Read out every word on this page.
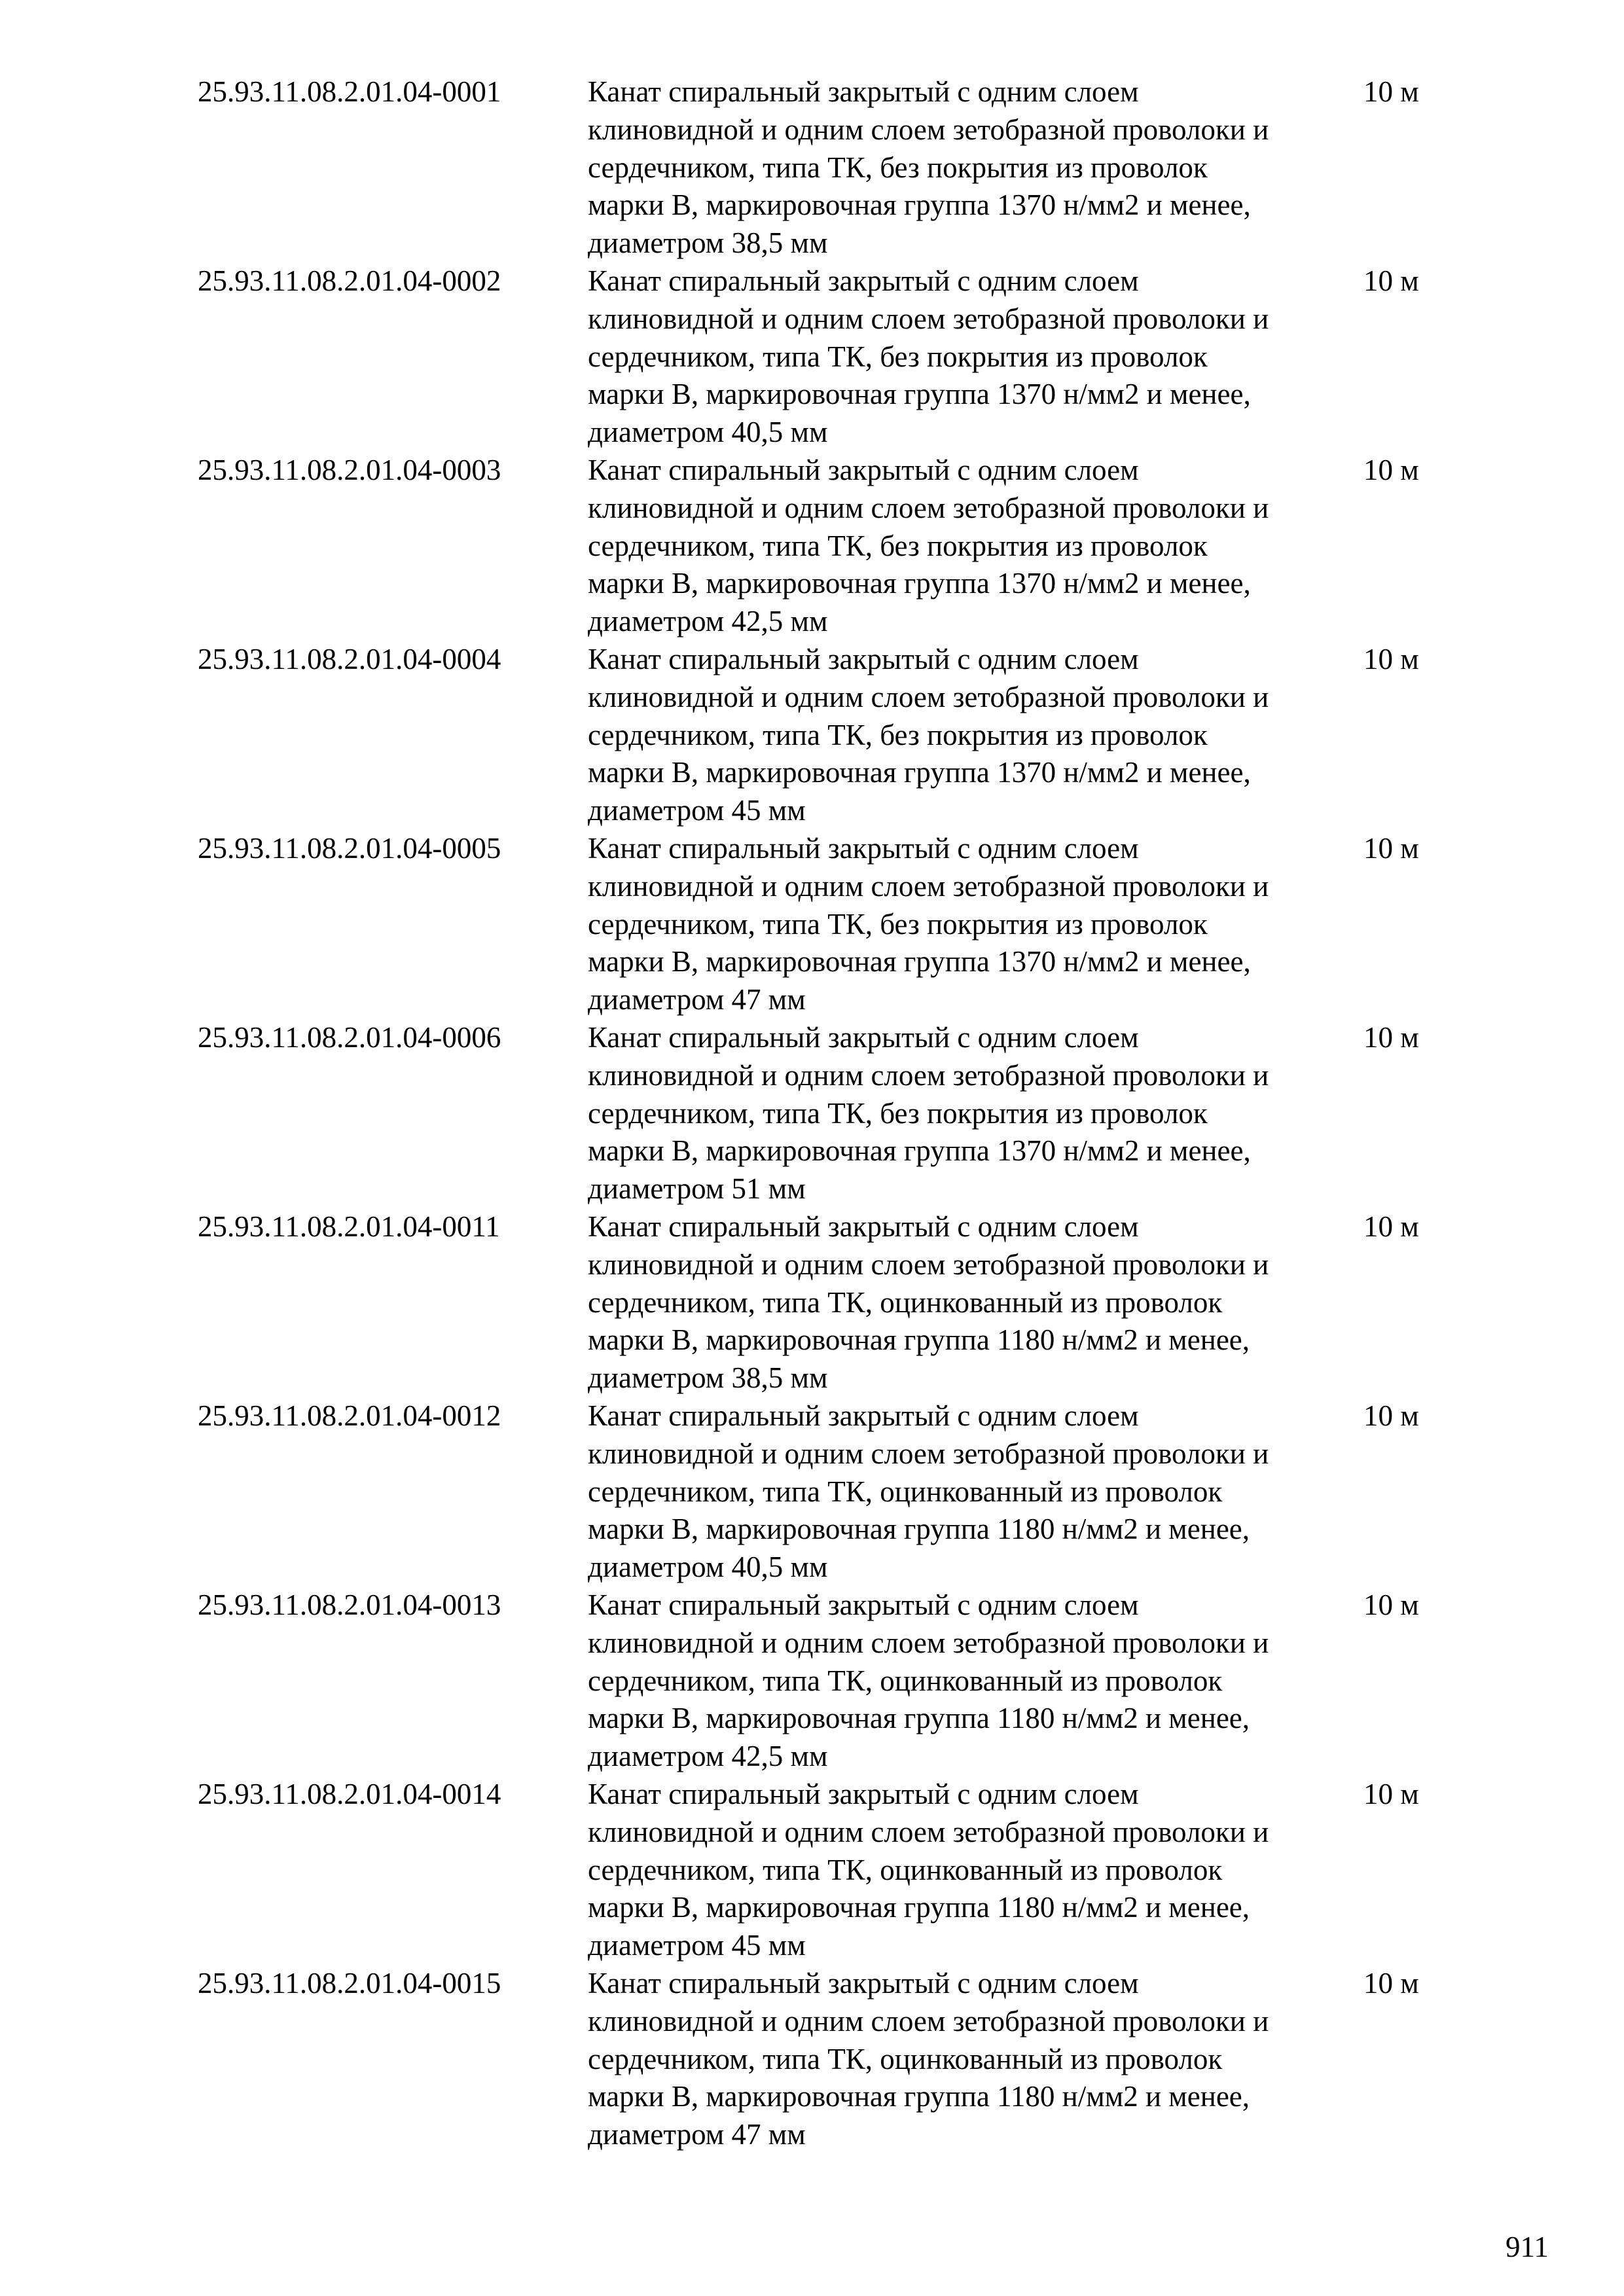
25.93.11.08.2.01.04-0001	Канат спиральный закрытый с одним слоем
клиновидной и одним слоем зетобразной проволоки и
сердечником, типа ТК, без покрытия из проволок
марки В, маркировочная группа 1370 н/мм2 и менее,
диаметром 38,5 мм
10 м
25.93.11.08.2.01.04-0002	Канат спиральный закрытый с одним слоем
клиновидной и одним слоем зетобразной проволоки и
сердечником, типа ТК, без покрытия из проволок
марки В, маркировочная группа 1370 н/мм2 и менее,
диаметром 40,5 мм
10 м
25.93.11.08.2.01.04-0003	Канат спиральный закрытый с одним слоем
клиновидной и одним слоем зетобразной проволоки и
сердечником, типа ТК, без покрытия из проволок
марки В, маркировочная группа 1370 н/мм2 и менее,
диаметром 42,5 мм
10 м
25.93.11.08.2.01.04-0004	Канат спиральный закрытый с одним слоем
клиновидной и одним слоем зетобразной проволоки и
сердечником, типа ТК, без покрытия из проволок
марки В, маркировочная группа 1370 н/мм2 и менее,
диаметром 45 мм
10 м
25.93.11.08.2.01.04-0005	Канат спиральный закрытый с одним слоем
клиновидной и одним слоем зетобразной проволоки и
сердечником, типа ТК, без покрытия из проволок
марки В, маркировочная группа 1370 н/мм2 и менее,
диаметром 47 мм
10 м
25.93.11.08.2.01.04-0006	Канат спиральный закрытый с одним слоем
клиновидной и одним слоем зетобразной проволоки и
сердечником, типа ТК, без покрытия из проволок
марки В, маркировочная группа 1370 н/мм2 и менее,
диаметром 51 мм
10 м
25.93.11.08.2.01.04-0011	Канат спиральный закрытый с одним слоем
клиновидной и одним слоем зетобразной проволоки и
сердечником, типа ТК, оцинкованный из проволок
марки В, маркировочная группа 1180 н/мм2 и менее,
диаметром 38,5 мм
10 м
25.93.11.08.2.01.04-0012	Канат спиральный закрытый с одним слоем
клиновидной и одним слоем зетобразной проволоки и
сердечником, типа ТК, оцинкованный из проволок
марки В, маркировочная группа 1180 н/мм2 и менее,
диаметром 40,5 мм
10 м
25.93.11.08.2.01.04-0013	Канат спиральный закрытый с одним слоем
клиновидной и одним слоем зетобразной проволоки и
сердечником, типа ТК, оцинкованный из проволок
марки В, маркировочная группа 1180 н/мм2 и менее,
диаметром 42,5 мм
10 м
25.93.11.08.2.01.04-0014	Канат спиральный закрытый с одним слоем
клиновидной и одним слоем зетобразной проволоки и
сердечником, типа ТК, оцинкованный из проволок
марки В, маркировочная группа 1180 н/мм2 и менее,
диаметром 45 мм
10 м
25.93.11.08.2.01.04-0015	Канат спиральный закрытый с одним слоем
клиновидной и одним слоем зетобразной проволоки и
сердечником, типа ТК, оцинкованный из проволок
марки В, маркировочная группа 1180 н/мм2 и менее,
диаметром 47 мм
10 м
911
